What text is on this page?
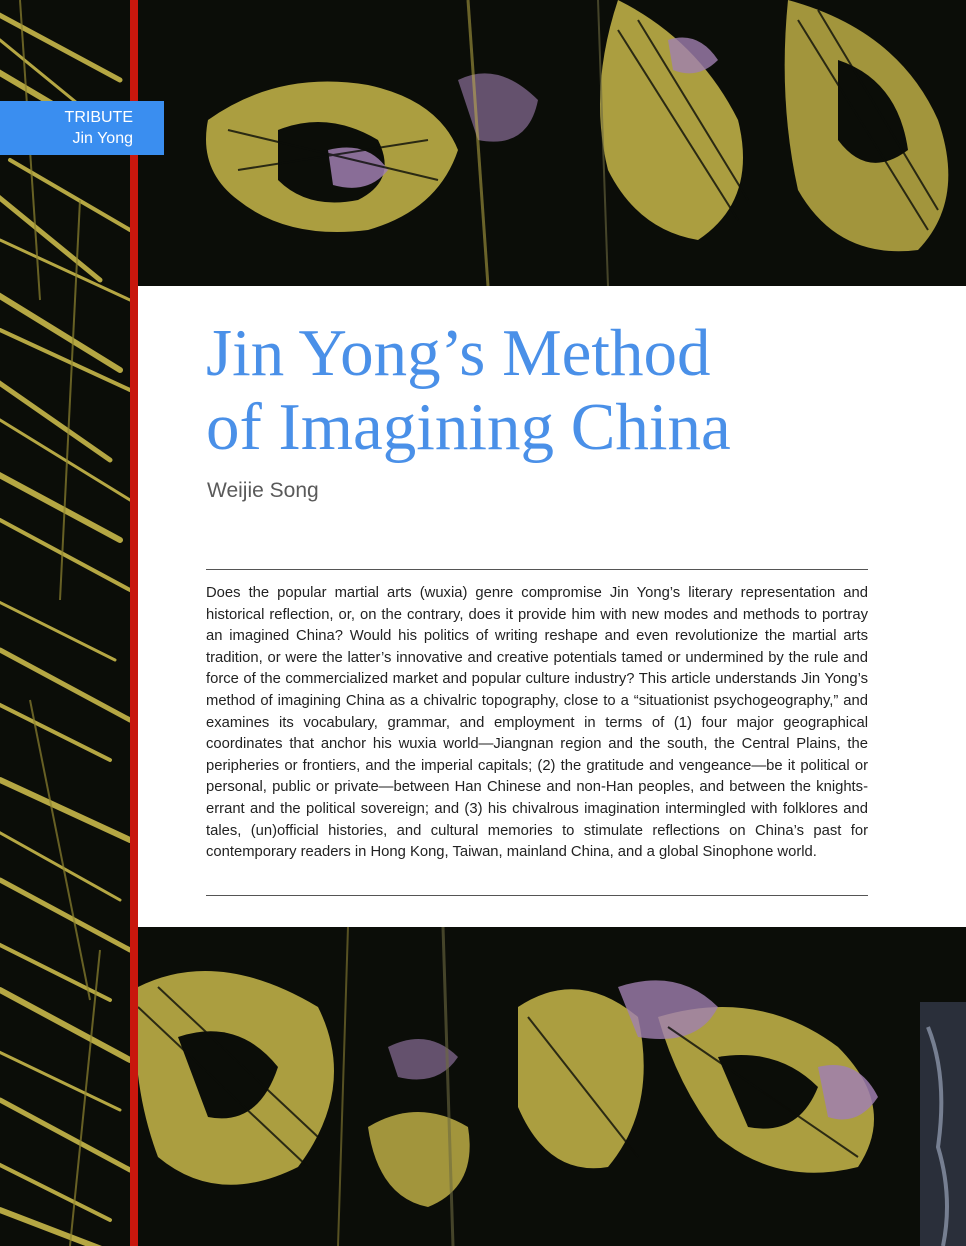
TRIBUTE
Jin Yong
Jin Yong’s Method
of Imagining China
Weijie Song

Does the popular martial arts (wuxia) genre compromise Jin Yong’s literary representation and historical reflection, or, on the contrary, does it provide him with new modes and methods to portray an imagined China? Would his politics of writing reshape and even revolutionize the martial arts tradition, or were the latter’s innovative and creative potentials tamed or undermined by the rule and force of the commercialized market and popular culture industry? This article understands Jin Yong’s method of imagining China as a chivalric topography, close to a “situationist psychogeography,” and examines its vocabulary, grammar, and employment in terms of (1) four major geographical coordinates that anchor his wuxia world—Jiangnan region and the south, the Central Plains, the peripheries or frontiers, and the imperial capitals; (2) the gratitude and vengeance—be it political or personal, public or private—between Han Chinese and non-Han peoples, and between the knights-errant and the political sovereign; and (3) his chivalrous imagination intermingled with folklores and tales, (un)official histories, and cultural memories to stimulate reflections on China’s past for contemporary readers in Hong Kong, Taiwan, mainland China, and a global Sinophone world.
